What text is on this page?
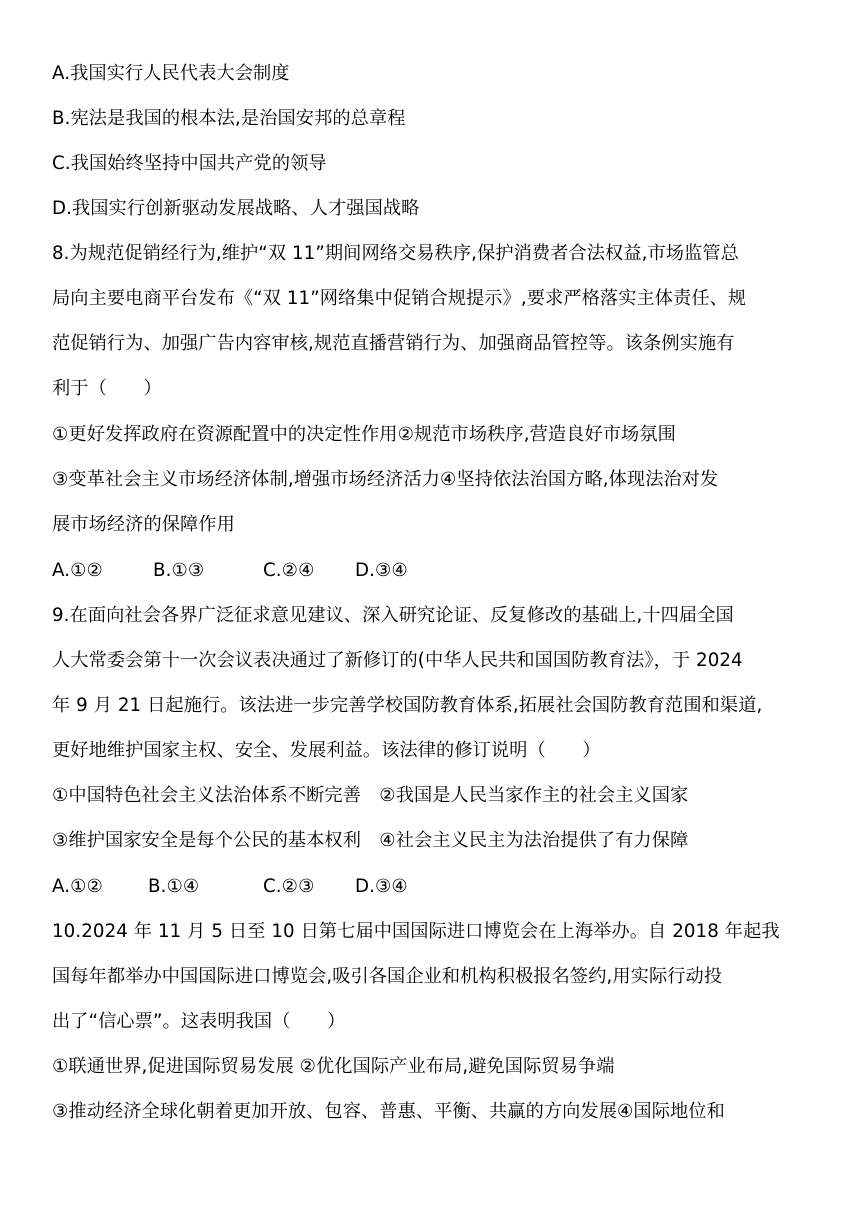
A.我国实行人民代表大会制度
B.宪法是我国的根本法,是治国安邦的总章程
C.我国始终坚持中国共产党的领导
D.我国实行创新驱动发展战略、人才强国战略
8.为规范促销经行为,维护“双 11”期间网络交易秩序,保护消费者合法权益,市场监管总
局向主要电商平台发布《“双 11”网络集中促销合规提示》,要求严格落实主体责任、规
范促销行为、加强广告内容审核,规范直播营销行为、加强商品管控等。该条例实施有
利于（　　）
①更好发挥政府在资源配置中的决定性作用②规范市场秩序,营造良好市场氛围
③变革社会主义市场经济体制,增强市场经济活力④坚持依法治国方略,体现法治对发
展市场经济的保障作用
A.①②	B.①③	C.②④ D.③④
9.在面向社会各界广泛征求意见建议、深入研究论证、反复修改的基础上,十四届全国
人大常委会第十一次会议表决通过了新修订的(中华人民共和国国防教育法》，于 2024
年 9 月 21 日起施行。该法进一步完善学校国防教育体系,拓展社会国防教育范围和渠道,
更好地维护国家主权、安全、发展利益。该法律的修订说明（　　）
①中国特色社会主义法治体系不断完善　②我国是人民当家作主的社会主义国家
③维护国家安全是每个公民的基本权利　④社会主义民主为法治提供了有力保障
A.①② B.①④	C.②③ D.③④
10.2024 年 11 月 5 日至 10 日第七届中国国际进口博览会在上海举办。自 2018 年起我
国每年都举办中国国际进口博览会,吸引各国企业和机构积极报名签约,用实际行动投
出了“信心票”。这表明我国（　　）
①联通世界,促进国际贸易发展 ②优化国际产业布局,避免国际贸易争端
③推动经济全球化朝着更加开放、包容、普惠、平衡、共赢的方向发展④国际地位和
